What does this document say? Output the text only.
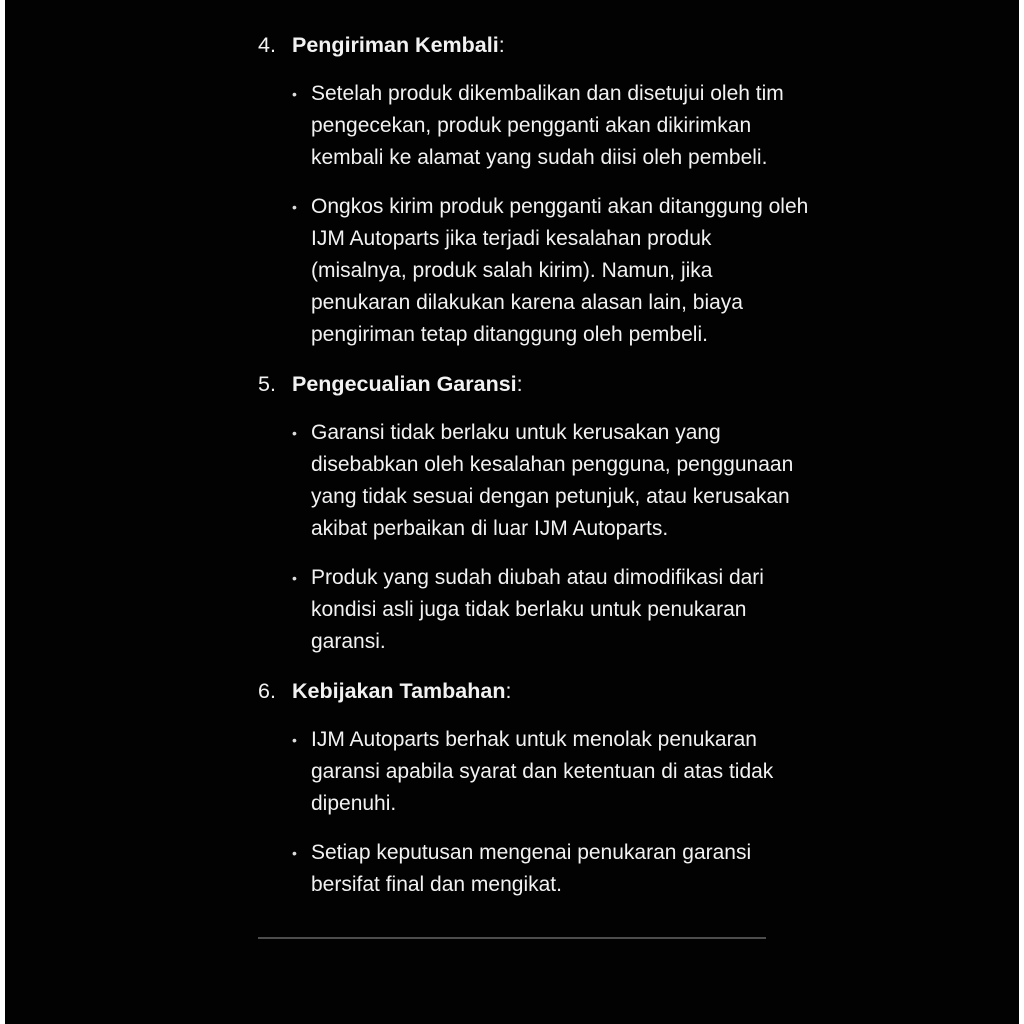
4. Pengiriman Kembali:
• Setelah produk dikembalikan dan disetujui oleh tim pengecekan, produk pengganti akan dikirimkan kembali ke alamat yang sudah diisi oleh pembeli.

• Ongkos kirim produk pengganti akan ditanggung oleh IJM Autoparts jika terjadi kesalahan produk (misalnya, produk salah kirim). Namun, jika penukaran dilakukan karena alasan lain, biaya pengiriman tetap ditanggung oleh pembeli.

5. Pengecualian Garansi:
• Garansi tidak berlaku untuk kerusakan yang disebabkan oleh kesalahan pengguna, penggunaan yang tidak sesuai dengan petunjuk, atau kerusakan akibat perbaikan di luar IJM Autoparts.

• Produk yang sudah diubah atau dimodifikasi dari kondisi asli juga tidak berlaku untuk penukaran garansi.

6. Kebijakan Tambahan:
• IJM Autoparts berhak untuk menolak penukaran garansi apabila syarat dan ketentuan di atas tidak dipenuhi.

• Setiap keputusan mengenai penukaran garansi bersifat final dan mengikat.
